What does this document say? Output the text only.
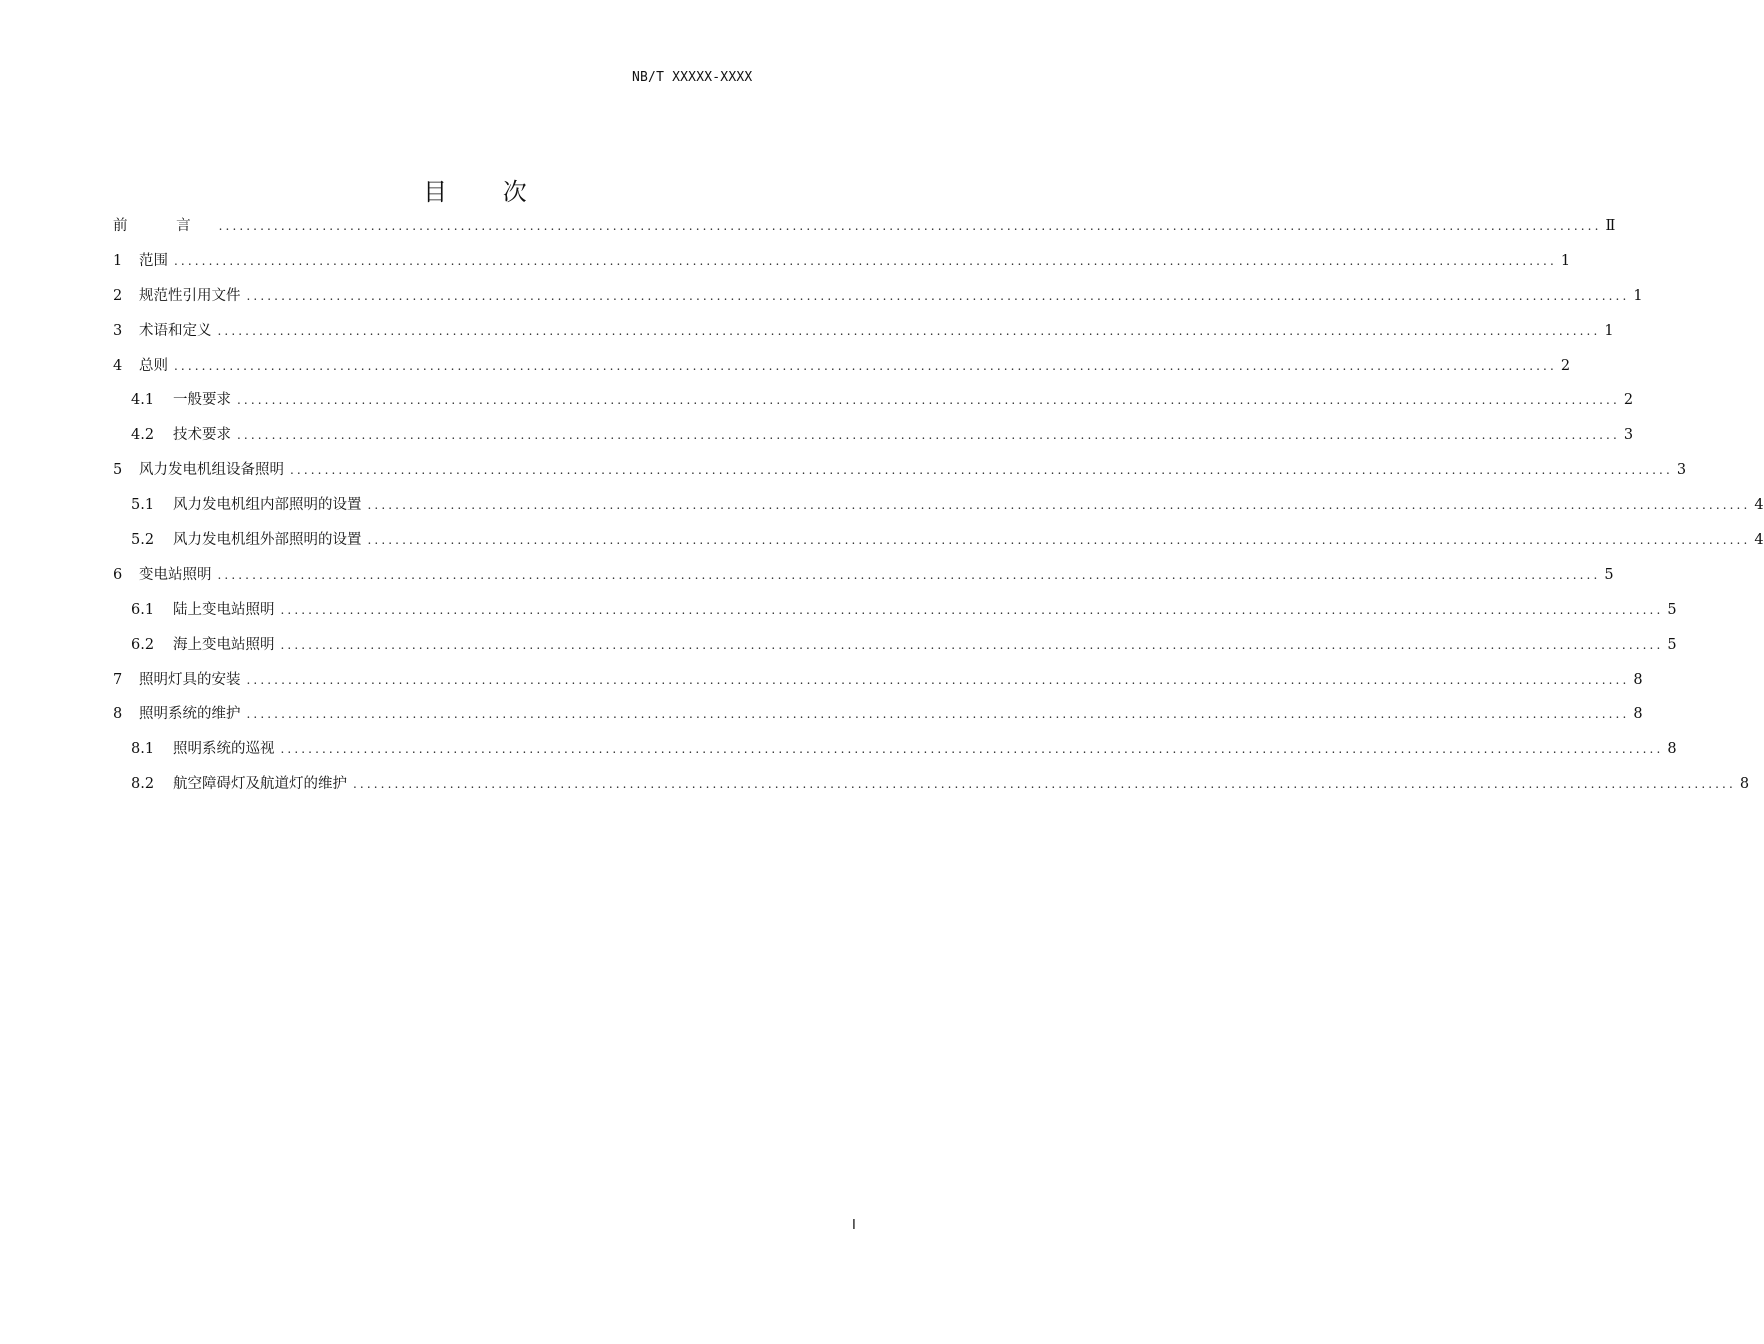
NB/T XXXXX-XXXX
目 次
前 言 ........................................................................................................................................................................................................ Ⅱ
1	范围 ........................................................................................................................................................................................................ 1
2	规范性引用文件 ........................................................................................................................................................................................................ 1
3	术语和定义 ........................................................................................................................................................................................................ 1
4	总则 ........................................................................................................................................................................................................ 2
4.1	一般要求 ........................................................................................................................................................................................................ 2
4.2	技术要求 ........................................................................................................................................................................................................ 3
5	风力发电机组设备照明 ........................................................................................................................................................................................................ 3
5.1	风力发电机组内部照明的设置 ........................................................................................................................................................................................................ 4
5.2	风力发电机组外部照明的设置 ........................................................................................................................................................................................................ 4
6	变电站照明 ........................................................................................................................................................................................................ 5
6.1	陆上变电站照明 ........................................................................................................................................................................................................ 5
6.2	海上变电站照明 ........................................................................................................................................................................................................ 5
7	照明灯具的安装 ........................................................................................................................................................................................................ 8
8	照明系统的维护 ........................................................................................................................................................................................................ 8
8.1	照明系统的巡视 ........................................................................................................................................................................................................ 8
8.2	航空障碍灯及航道灯的维护 ........................................................................................................................................................................................................ 8
I
